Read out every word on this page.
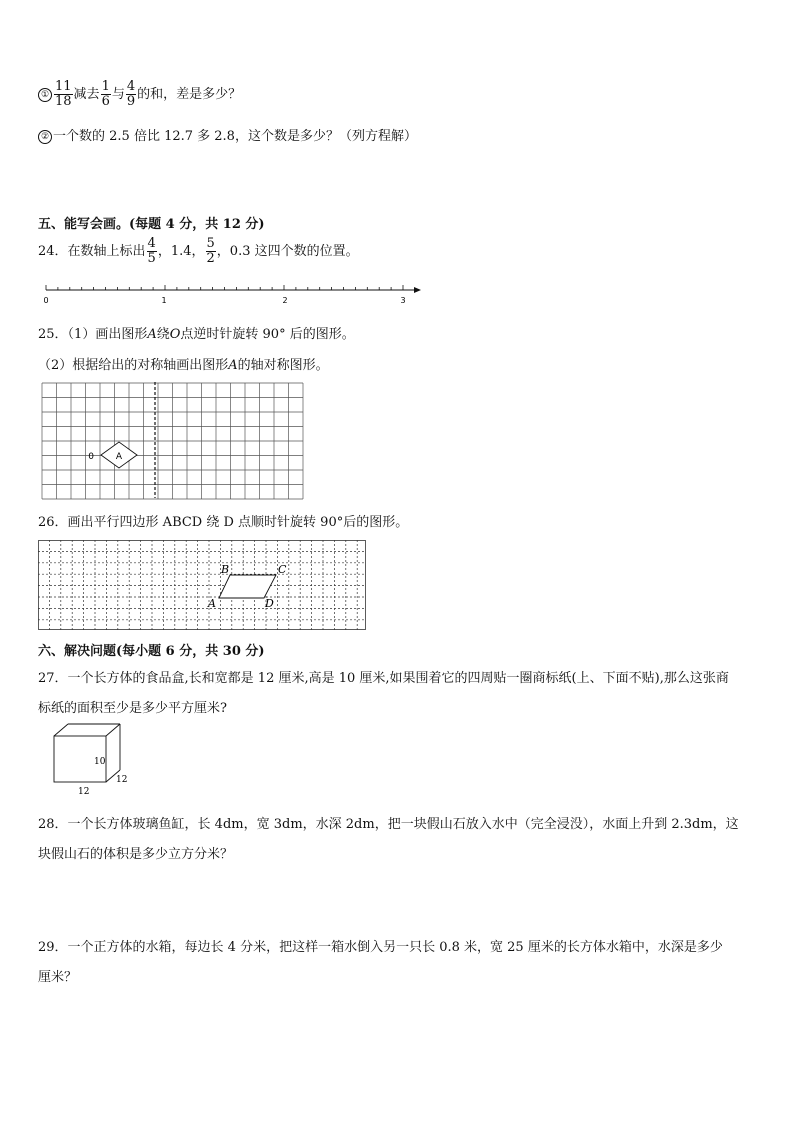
① $\frac{11}{18}$ 减去 $\frac{1}{6}$ 与 $\frac{4}{9}$ 的和，差是多少？
② 一个数的 2.5 倍比 12.7 多 2.8，这个数是多少？（列方程解）
五、能写会画。(每题 4 分，共 12 分)
24．在数轴上标出 $\frac{4}{5}$ ，1.4， $\frac{5}{2}$ ，0.3 这四个数的位置。
0	1	2	3
25．（1）画出图形A绕O点逆时针旋转 90° 后的图形。
（2）根据给出的对称轴画出图形A的轴对称图形。
0 A
26．画出平行四边形 ABCD 绕 D 点顺时针旋转 90°后的图形。
B	C
A	D
六、解决问题(每小题 6 分，共 30 分)
27．一个长方体的食品盒,长和宽都是 12 厘米,高是 10 厘米,如果围着它的四周贴一圈商标纸(上、下面不贴),那么这张商
标纸的面积至少是多少平方厘米?
10
12
12
28．一个长方体玻璃鱼缸，长 4dm，宽 3dm，水深 2dm，把一块假山石放入水中（完全浸没），水面上升到 2.3dm，这
块假山石的体积是多少立方分米？
29．一个正方体的水箱，每边长 4 分米，把这样一箱水倒入另一只长 0.8 米，宽 25 厘米的长方体水箱中，水深是多少
厘米？
